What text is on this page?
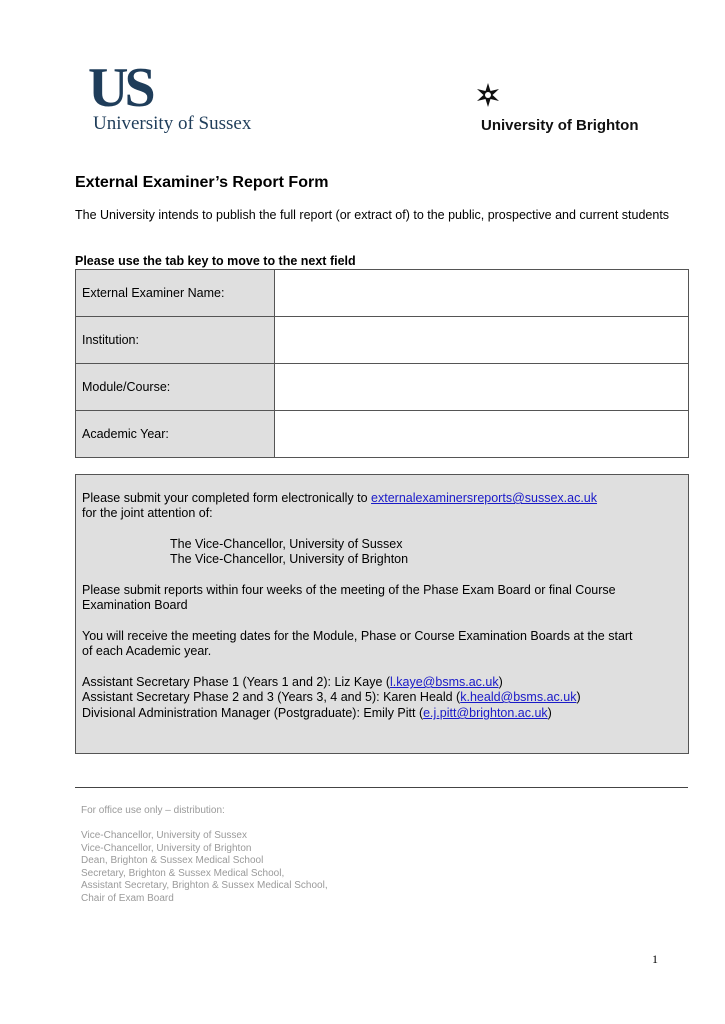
US
University of Sussex	University of Brighton
External Examiner’s Report Form
The University intends to publish the full report (or extract of) to the public, prospective and current students
Please use the tab key to move to the next field
External Examiner Name:	
Institution:	
Module/Course:	
Academic Year:	
Please submit your completed form electronically to externalexaminersreports@sussex.ac.uk
for the joint attention of:
The Vice-Chancellor, University of Sussex
The Vice-Chancellor, University of Brighton
Please submit reports within four weeks of the meeting of the Phase Exam Board or final Course
Examination Board
You will receive the meeting dates for the Module, Phase or Course Examination Boards at the start
of each Academic year.
Assistant Secretary Phase 1 (Years 1 and 2): Liz Kaye (l.kaye@bsms.ac.uk)
Assistant Secretary Phase 2 and 3 (Years 3, 4 and 5): Karen Heald (k.heald@bsms.ac.uk)
Divisional Administration Manager (Postgraduate): Emily Pitt (e.j.pitt@brighton.ac.uk)
For office use only – distribution:
Vice-Chancellor, University of Sussex
Vice-Chancellor, University of Brighton
Dean, Brighton & Sussex Medical School
Secretary, Brighton & Sussex Medical School,
Assistant Secretary, Brighton & Sussex Medical School,
Chair of Exam Board
1
